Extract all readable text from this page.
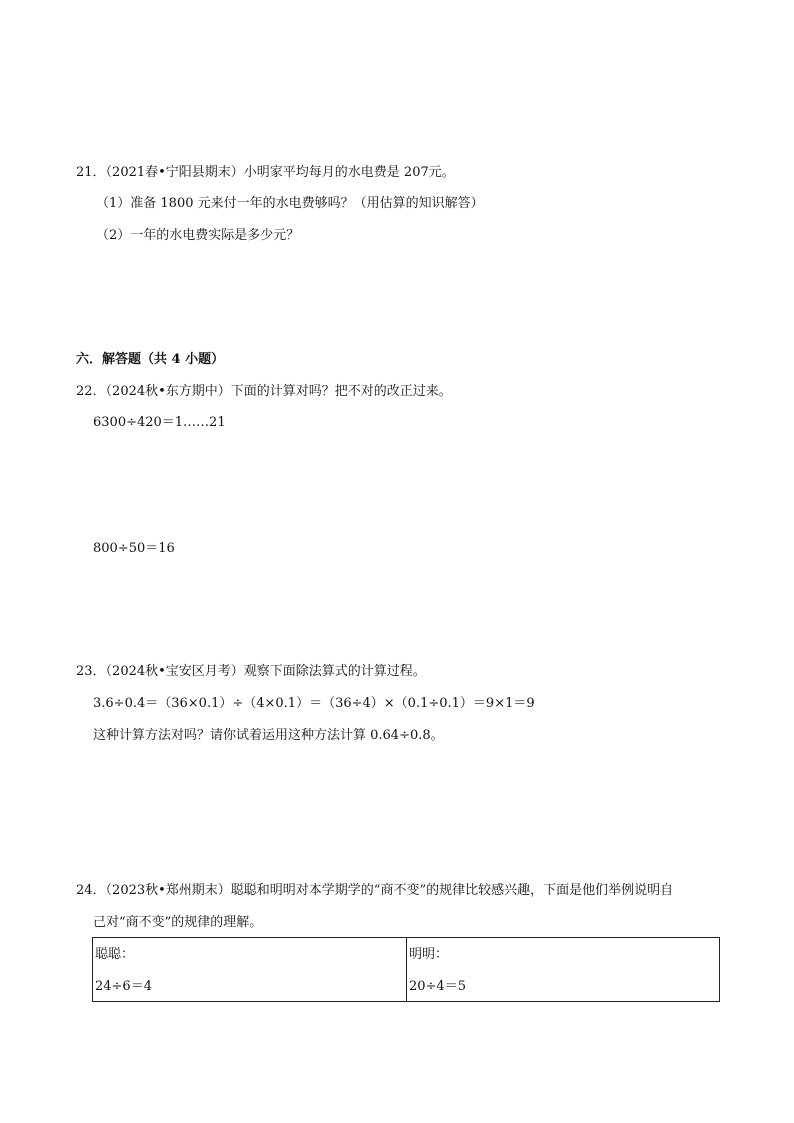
21．（2021春•宁阳县期末）小明家平均每月的水电费是 207元。
（1）准备 1800 元来付一年的水电费够吗？（用估算的知识解答）
（2）一年的水电费实际是多少元？
六．解答题（共 4 小题）
22．（2024秋•东方期中）下面的计算对吗？把不对的改正过来。
6300÷420＝1……21
800÷50＝16
23．（2024秋•宝安区月考）观察下面除法算式的计算过程。
3.6÷0.4＝（36×0.1）÷（4×0.1）＝（36÷4）×（0.1÷0.1）＝9×1＝9
这种计算方法对吗？请你试着运用这种方法计算 0.64÷0.8。
24．（2023秋•郑州期末）聪聪和明明对本学期学的“商不变”的规律比较感兴趣，下面是他们举例说明自
己对“商不变”的规律的理解。
聪聪：
24÷6＝4
明明：
20÷4＝5
